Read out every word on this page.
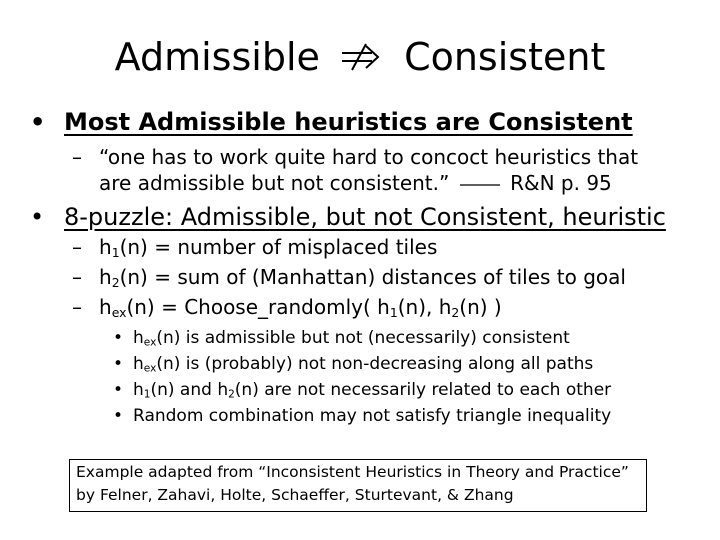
Admissible Consistent
• Most Admissible heuristics are Consistent
– “one has to work quite hard to concoct heuristics that
are admissible but not consistent.”	R&N p. 95
• 8-puzzle: Admissible, but not Consistent, heuristic
– $h_1(n)$ = number of misplaced tiles
– $h_2(n)$ = sum of (Manhattan) distances of tiles to goal
– $h_{ex}(n)$ = Choose_randomly( $h_1(n)$, $h_2(n)$ )
• $h_{ex}(n)$ is admissible but not (necessarily) consistent
• $h_{ex}(n)$ is (probably) not non-decreasing along all paths
• $h_1(n)$ and $h_2(n)$ are not necessarily related to each other
• Random combination may not satisfy triangle inequality
Example adapted from “Inconsistent Heuristics in Theory and Practice”
by Felner, Zahavi, Holte, Schaeffer, Sturtevant, & Zhang
